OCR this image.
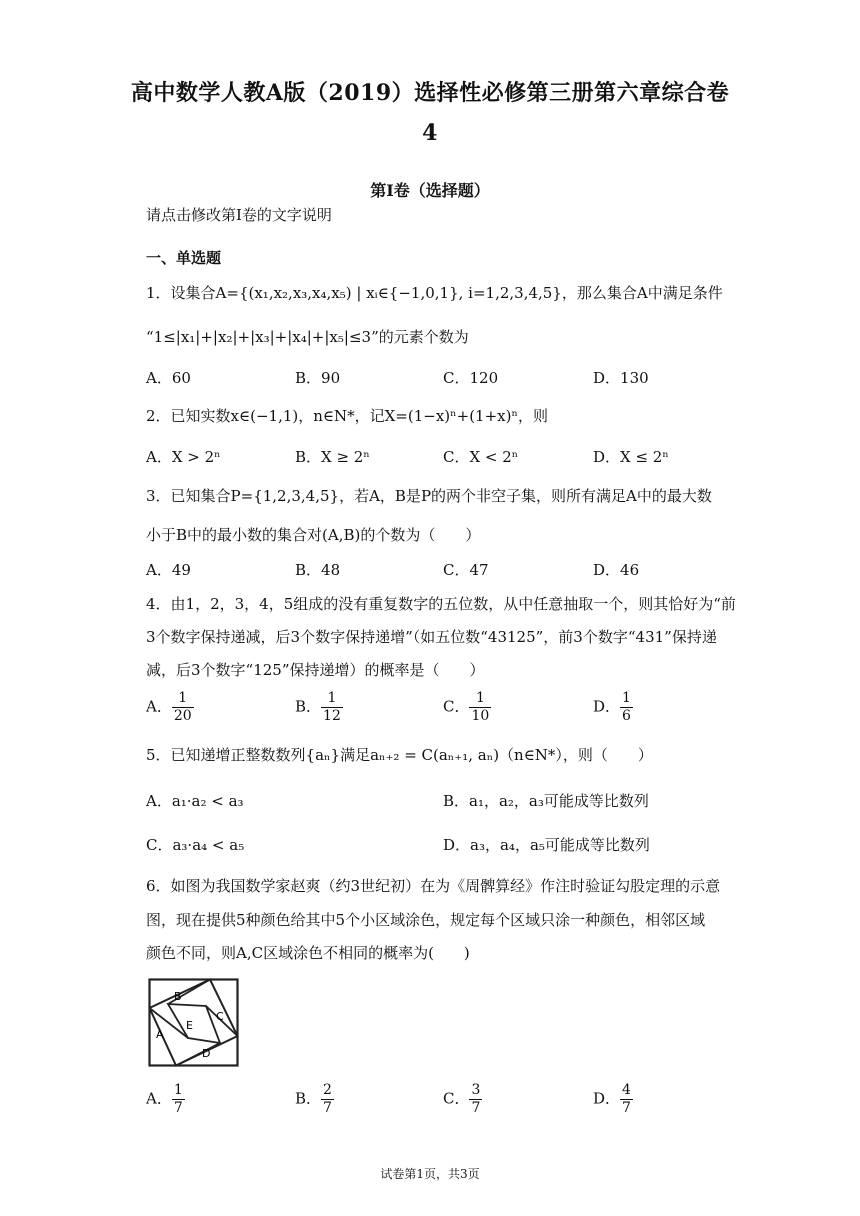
高中数学人教A版（2019）选择性必修第三册第六章综合卷
4
第I卷（选择题）
请点击修改第I卷的文字说明
一、单选题
1．设集合A={(x₁,x₂,x₃,x₄,x₅) | xᵢ∈{−1,0,1}, i=1,2,3,4,5}，那么集合A中满足条件
“1≤|x₁|+|x₂|+|x₃|+|x₄|+|x₅|≤3”的元素个数为
A．60	B．90	C．120	D．130
2．已知实数x∈(−1,1)，n∈N*，记X=(1−x)ⁿ+(1+x)ⁿ，则
A．X > 2ⁿ	B．X ≥ 2ⁿ	C．X < 2ⁿ	D．X ≤ 2ⁿ
3．已知集合P={1,2,3,4,5}，若A，B是P的两个非空子集，则所有满足A中的最大数
小于B中的最小数的集合对(A,B)的个数为（　　）
A．49	B．48	C．47	D．46
4．由1，2，3，4，5组成的没有重复数字的五位数，从中任意抽取一个，则其恰好为“前
3个数字保持递减，后3个数字保持递增”（如五位数“43125”，前3个数字“431”保持递
减，后3个数字“125”保持递增）的概率是（　　）
A． $\frac{1}{20}$	B． $\frac{1}{12}$	C． $\frac{1}{10}$	D． $\frac{1}{6}$
5．已知递增正整数数列{aₙ}满足aₙ₊₂ = C(aₙ₊₁, aₙ)（n∈N*），则（　　）
A．a₁·a₂ < a₃	B．a₁，a₂，a₃可能成等比数列
C．a₃·a₄ < a₅	D．a₃，a₄，a₅可能成等比数列
6．如图为我国数学家赵爽（约3世纪初）在为《周髀算经》作注时验证勾股定理的示意
图，现在提供5种颜色给其中5个小区域涂色，规定每个区域只涂一种颜色，相邻区域
颜色不同，则A,C区域涂色不相同的概率为(　　)
A
B
C
D
E
A． $\frac{1}{7}$	B． $\frac{2}{7}$	C． $\frac{3}{7}$	D． $\frac{4}{7}$
试卷第1页，共3页
